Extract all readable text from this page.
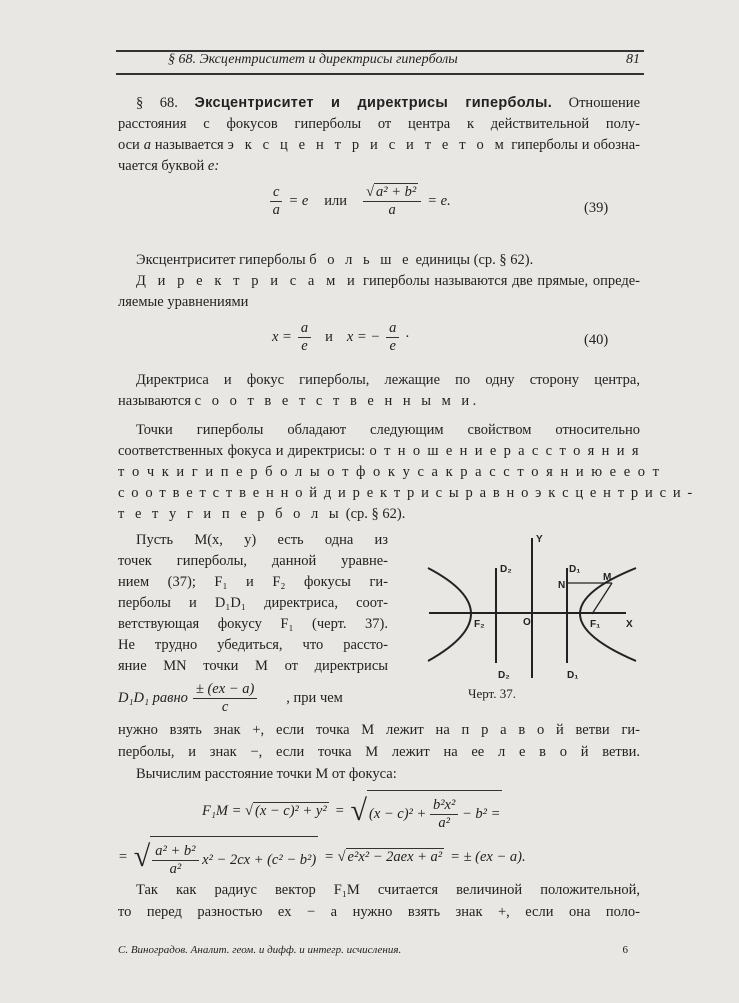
§ 68. Эксцентриситет и директрисы гиперболы	81
§ 68. Эксцентриситет и директрисы гиперболы. Отношение
расстояния c фокусов гиперболы от центра к действительной полу-
оси a называется э к с ц е н т р и с и т е т о м гиперболы и обозна-
чается буквой e:
$\frac{c}{a} = e$ или $\frac{\text{√ a² + b²}}{a} = e$.	(39)
Эксцентриситет гиперболы б о л ь ш е единицы (ср. § 62).
Д и р е к т р и с а м и гиперболы называются две прямые, опреде-
ляемые уравнениями
$x = \frac{a}{e}$ и x = − $\frac{a}{e}$ ·	(40)
Директриса и фокус гиперболы, лежащие по одну сторону центра,
называются с о о т в е т с т в е н н ы м и.
Точки гиперболы обладают следующим свойством относительно
соответственных фокуса и директрисы: о т н о ш е н и е р а с с т о я н и я
т о ч к и г и п е р б о л ы о т ф о к у с а к р а с с т о я н и ю е е о т
с о о т в е т с т в е н н о й д и р е к т р и с ы р а в н о э к с ц е н т р и с и -
т е т у г и п е р б о л ы (ср. § 62).
Пусть M(x, y) есть одна из
точек гиперболы, данной уравне-
нием (37); F₁ и F₂ фокусы ги-
перболы и D₁D₁ директриса, соот-
ветствующая фокусу F₁ (черт. 37).
Не трудно убедиться, что рассто-
яние MN точки M от директрисы
D₁D₁ равно $\frac{\pm (ex - a)}{c}$ , при чем
Y
X
O
D₂
D₂
D₁
D₁
N
M
F₁
F₂
Черт. 37.
нужно взять знак +, если точка M лежит на п р а в о й ветви ги-
перболы, и знак −, если точка M лежит на ее л е в о й ветви.
Вычислим расстояние точки M от фокуса:
F₁M = √ (x − c)² + y² = √ $(x - c)^2 + \frac{\text{b²x²}}{\text{a²}} - b^2$ =
= √ $\frac{\text{a² + b²}}{\text{a²}} x^2 - 2cx + (c^2 - b^2)$ = √ e²x² − 2aex + a² = ± (ex − a).
Так как радиус вектор F₁M считается величиной положительной,
то перед разностью ex − a нужно взять знак +, если она поло-
С. Виноградов. Аналит. геом. и дифф. и интегр. исчисления.	6
